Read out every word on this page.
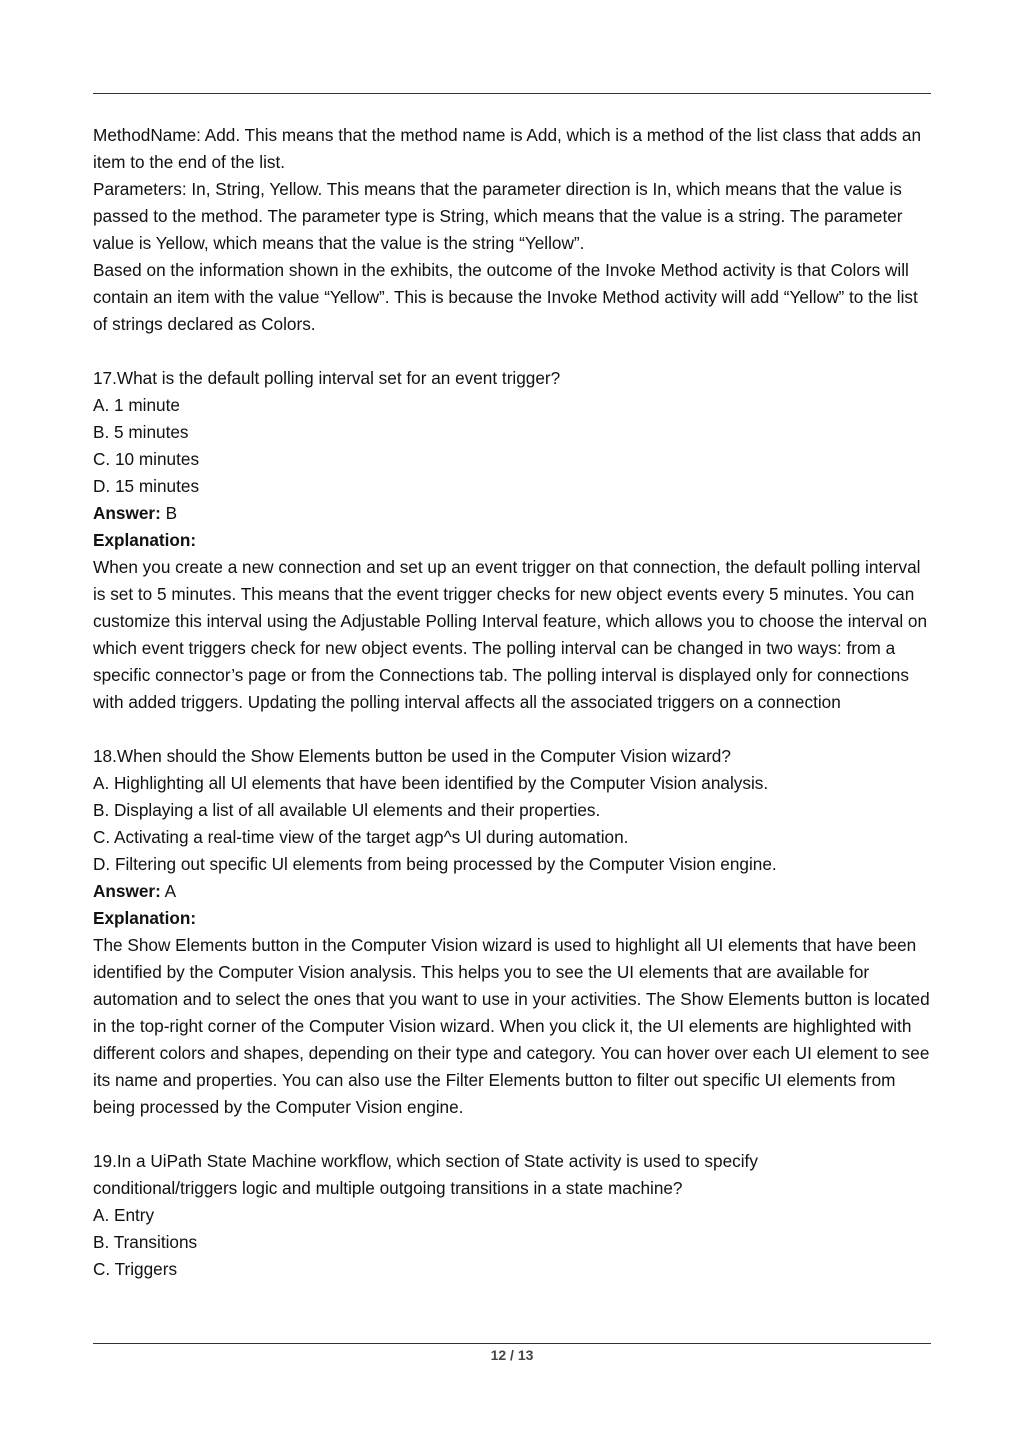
MethodName: Add. This means that the method name is Add, which is a method of the list class that adds an item to the end of the list.

Parameters: In, String, Yellow. This means that the parameter direction is In, which means that the value is passed to the method. The parameter type is String, which means that the value is a string. The parameter value is Yellow, which means that the value is the string “Yellow”.

Based on the information shown in the exhibits, the outcome of the Invoke Method activity is that Colors will contain an item with the value “Yellow”. This is because the Invoke Method activity will add “Yellow” to the list of strings declared as Colors.

17.What is the default polling interval set for an event trigger?

A. 1 minute

B. 5 minutes

C. 10 minutes

D. 15 minutes

Answer: B

Explanation:

When you create a new connection and set up an event trigger on that connection, the default polling interval is set to 5 minutes. This means that the event trigger checks for new object events every 5 minutes. You can customize this interval using the Adjustable Polling Interval feature, which allows you to choose the interval on which event triggers check for new object events. The polling interval can be changed in two ways: from a specific connector’s page or from the Connections tab. The polling interval is displayed only for connections with added triggers. Updating the polling interval affects all the associated triggers on a connection

18.When should the Show Elements button be used in the Computer Vision wizard?

A. Highlighting all Ul elements that have been identified by the Computer Vision analysis.

B. Displaying a list of all available Ul elements and their properties.

C. Activating a real-time view of the target agp^s Ul during automation.

D. Filtering out specific Ul elements from being processed by the Computer Vision engine.

Answer: A

Explanation:

The Show Elements button in the Computer Vision wizard is used to highlight all UI elements that have been identified by the Computer Vision analysis. This helps you to see the UI elements that are available for automation and to select the ones that you want to use in your activities. The Show Elements button is located in the top-right corner of the Computer Vision wizard. When you click it, the UI elements are highlighted with different colors and shapes, depending on their type and category. You can hover over each UI element to see its name and properties. You can also use the Filter Elements button to filter out specific UI elements from being processed by the Computer Vision engine.

19.In a UiPath State Machine workflow, which section of State activity is used to specify

conditional/triggers logic and multiple outgoing transitions in a state machine?

A. Entry

B. Transitions

C. Triggers

12 / 13
